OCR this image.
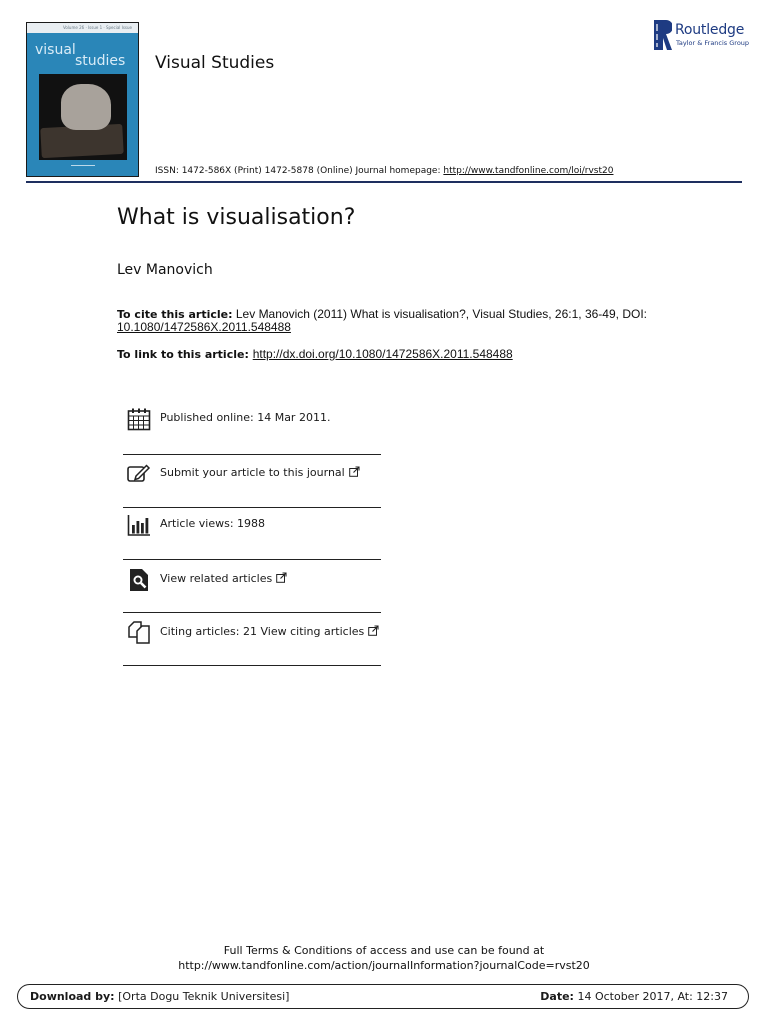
Volume 26 · Issue 1 · Special Issue
visual
studies Visual Studies
Routledge
Taylor & Francis Group
ISSN: 1472-586X (Print) 1472-5878 (Online) Journal homepage: http://www.tandfonline.com/loi/rvst20
What is visualisation?
Lev Manovich
To cite this article: Lev Manovich (2011) What is visualisation?, Visual Studies, 26:1, 36-49, DOI:
10.1080/1472586X.2011.548488
To link to this article: http://dx.doi.org/10.1080/1472586X.2011.548488
Published online: 14 Mar 2011.
Submit your article to this journal
Article views: 1988
View related articles
Citing articles: 21 View citing articles
Full Terms & Conditions of access and use can be found at
http://www.tandfonline.com/action/journalInformation?journalCode=rvst20
Download by: [Orta Dogu Teknik Universitesi]	Date: 14 October 2017, At: 12:37
